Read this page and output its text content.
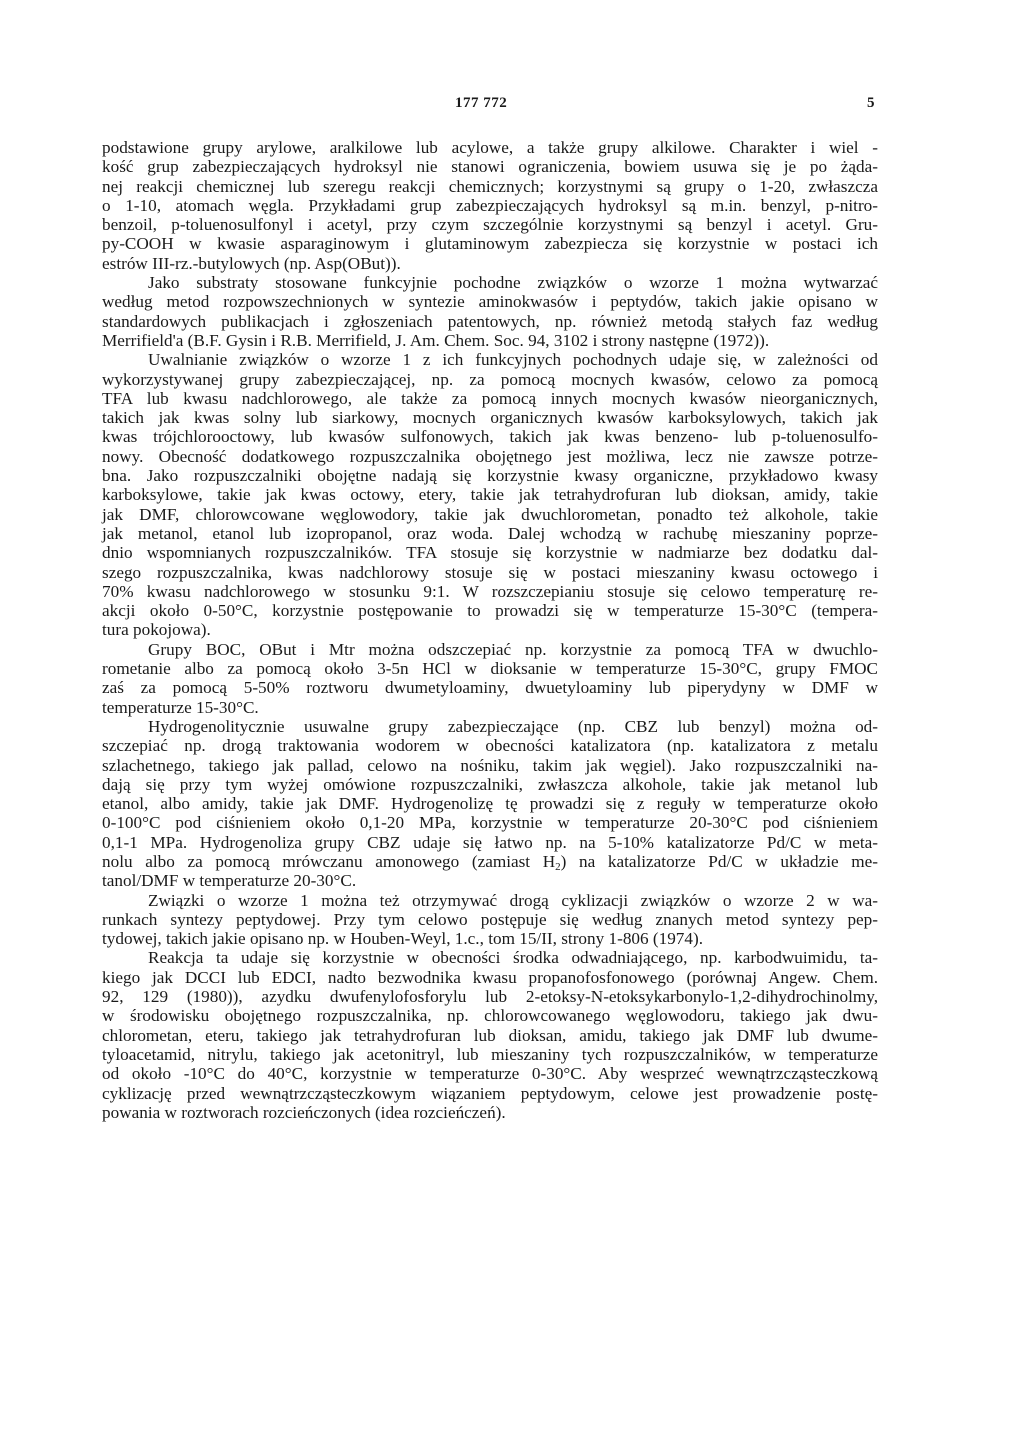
177 772	5
podstawione grupy arylowe, aralkilowe lub acylowe, a także grupy alkilowe. Charakter i wiel -
kość grup zabezpieczających hydroksyl nie stanowi ograniczenia, bowiem usuwa się je po żąda-
nej reakcji chemicznej lub szeregu reakcji chemicznych; korzystnymi są grupy o 1-20, zwłaszcza
o 1-10, atomach węgla. Przykładami grup zabezpieczających hydroksyl są m.in. benzyl, p-nitro-
benzoil, p-toluenosulfonyl i acetyl, przy czym szczególnie korzystnymi są benzyl i acetyl. Gru-
py-COOH w kwasie asparaginowym i glutaminowym zabezpiecza się korzystnie w postaci ich
estrów III-rz.-butylowych (np. Asp(OBut)).
Jako substraty stosowane funkcyjnie pochodne związków o wzorze 1 można wytwarzać
według metod rozpowszechnionych w syntezie aminokwasów i peptydów, takich jakie opisano w
standardowych publikacjach i zgłoszeniach patentowych, np. również metodą stałych faz według
Merrifield'a (B.F. Gysin i R.B. Merrifield, J. Am. Chem. Soc. 94, 3102 i strony następne (1972)).
Uwalnianie związków o wzorze 1 z ich funkcyjnych pochodnych udaje się, w zależności od
wykorzystywanej grupy zabezpieczającej, np. za pomocą mocnych kwasów, celowo za pomocą
TFA lub kwasu nadchlorowego, ale także za pomocą innych mocnych kwasów nieorganicznych,
takich jak kwas solny lub siarkowy, mocnych organicznych kwasów karboksylowych, takich jak
kwas trójchlorooctowy, lub kwasów sulfonowych, takich jak kwas benzeno- lub p-toluenosulfo-
nowy. Obecność dodatkowego rozpuszczalnika obojętnego jest możliwa, lecz nie zawsze potrze-
bna. Jako rozpuszczalniki obojętne nadają się korzystnie kwasy organiczne, przykładowo kwasy
karboksylowe, takie jak kwas octowy, etery, takie jak tetrahydrofuran lub dioksan, amidy, takie
jak DMF, chlorowcowane węglowodory, takie jak dwuchlorometan, ponadto też alkohole, takie
jak metanol, etanol lub izopropanol, oraz woda. Dalej wchodzą w rachubę mieszaniny poprze-
dnio wspomnianych rozpuszczalników. TFA stosuje się korzystnie w nadmiarze bez dodatku dal-
szego rozpuszczalnika, kwas nadchlorowy stosuje się w postaci mieszaniny kwasu octowego i
70% kwasu nadchlorowego w stosunku 9:1. W rozszczepianiu stosuje się celowo temperaturę re-
akcji około 0-50°C, korzystnie postępowanie to prowadzi się w temperaturze 15-30°C (tempera-
tura pokojowa).
Grupy BOC, OBut i Mtr można odszczepiać np. korzystnie za pomocą TFA w dwuchlo-
rometanie albo za pomocą około 3-5n HCl w dioksanie w temperaturze 15-30°C, grupy FMOC
zaś za pomocą 5-50% roztworu dwumetyloaminy, dwuetyloaminy lub piperydyny w DMF w
temperaturze 15-30°C.
Hydrogenolitycznie usuwalne grupy zabezpieczające (np. CBZ lub benzyl) można od-
szczepiać np. drogą traktowania wodorem w obecności katalizatora (np. katalizatora z metalu
szlachetnego, takiego jak pallad, celowo na nośniku, takim jak węgiel). Jako rozpuszczalniki na-
dają się przy tym wyżej omówione rozpuszczalniki, zwłaszcza alkohole, takie jak metanol lub
etanol, albo amidy, takie jak DMF. Hydrogenolizę tę prowadzi się z reguły w temperaturze około
0-100°C pod ciśnieniem około 0,1-20 MPa, korzystnie w temperaturze 20-30°C pod ciśnieniem
0,1-1 MPa. Hydrogenoliza grupy CBZ udaje się łatwo np. na 5-10% katalizatorze Pd/C w meta-
nolu albo za pomocą mrówczanu amonowego (zamiast $H_2$) na katalizatorze Pd/C w układzie me-
tanol/DMF w temperaturze 20-30°C.
Związki o wzorze 1 można też otrzymywać drogą cyklizacji związków o wzorze 2 w wa-
runkach syntezy peptydowej. Przy tym celowo postępuje się według znanych metod syntezy pep-
tydowej, takich jakie opisano np. w Houben-Weyl, 1.c., tom 15/II, strony 1-806 (1974).
Reakcja ta udaje się korzystnie w obecności środka odwadniającego, np. karbodwuimidu, ta-
kiego jak DCCI lub EDCI, nadto bezwodnika kwasu propanofosfonowego (porównaj Angew. Chem.
92, 129 (1980)), azydku dwufenylofosforylu lub 2-etoksy-N-etoksykarbonylo-1,2-dihydrochinolmy,
w środowisku obojętnego rozpuszczalnika, np. chlorowcowanego węglowodoru, takiego jak dwu-
chlorometan, eteru, takiego jak tetrahydrofuran lub dioksan, amidu, takiego jak DMF lub dwume-
tyloacetamid, nitrylu, takiego jak acetonitryl, lub mieszaniny tych rozpuszczalników, w temperaturze
od około -10°C do 40°C, korzystnie w temperaturze 0-30°C. Aby wesprzeć wewnątrzcząsteczkową
cyklizację przed wewnątrzcząsteczkowym wiązaniem peptydowym, celowe jest prowadzenie postę-
powania w roztworach rozcieńczonych (idea rozcieńczeń).
